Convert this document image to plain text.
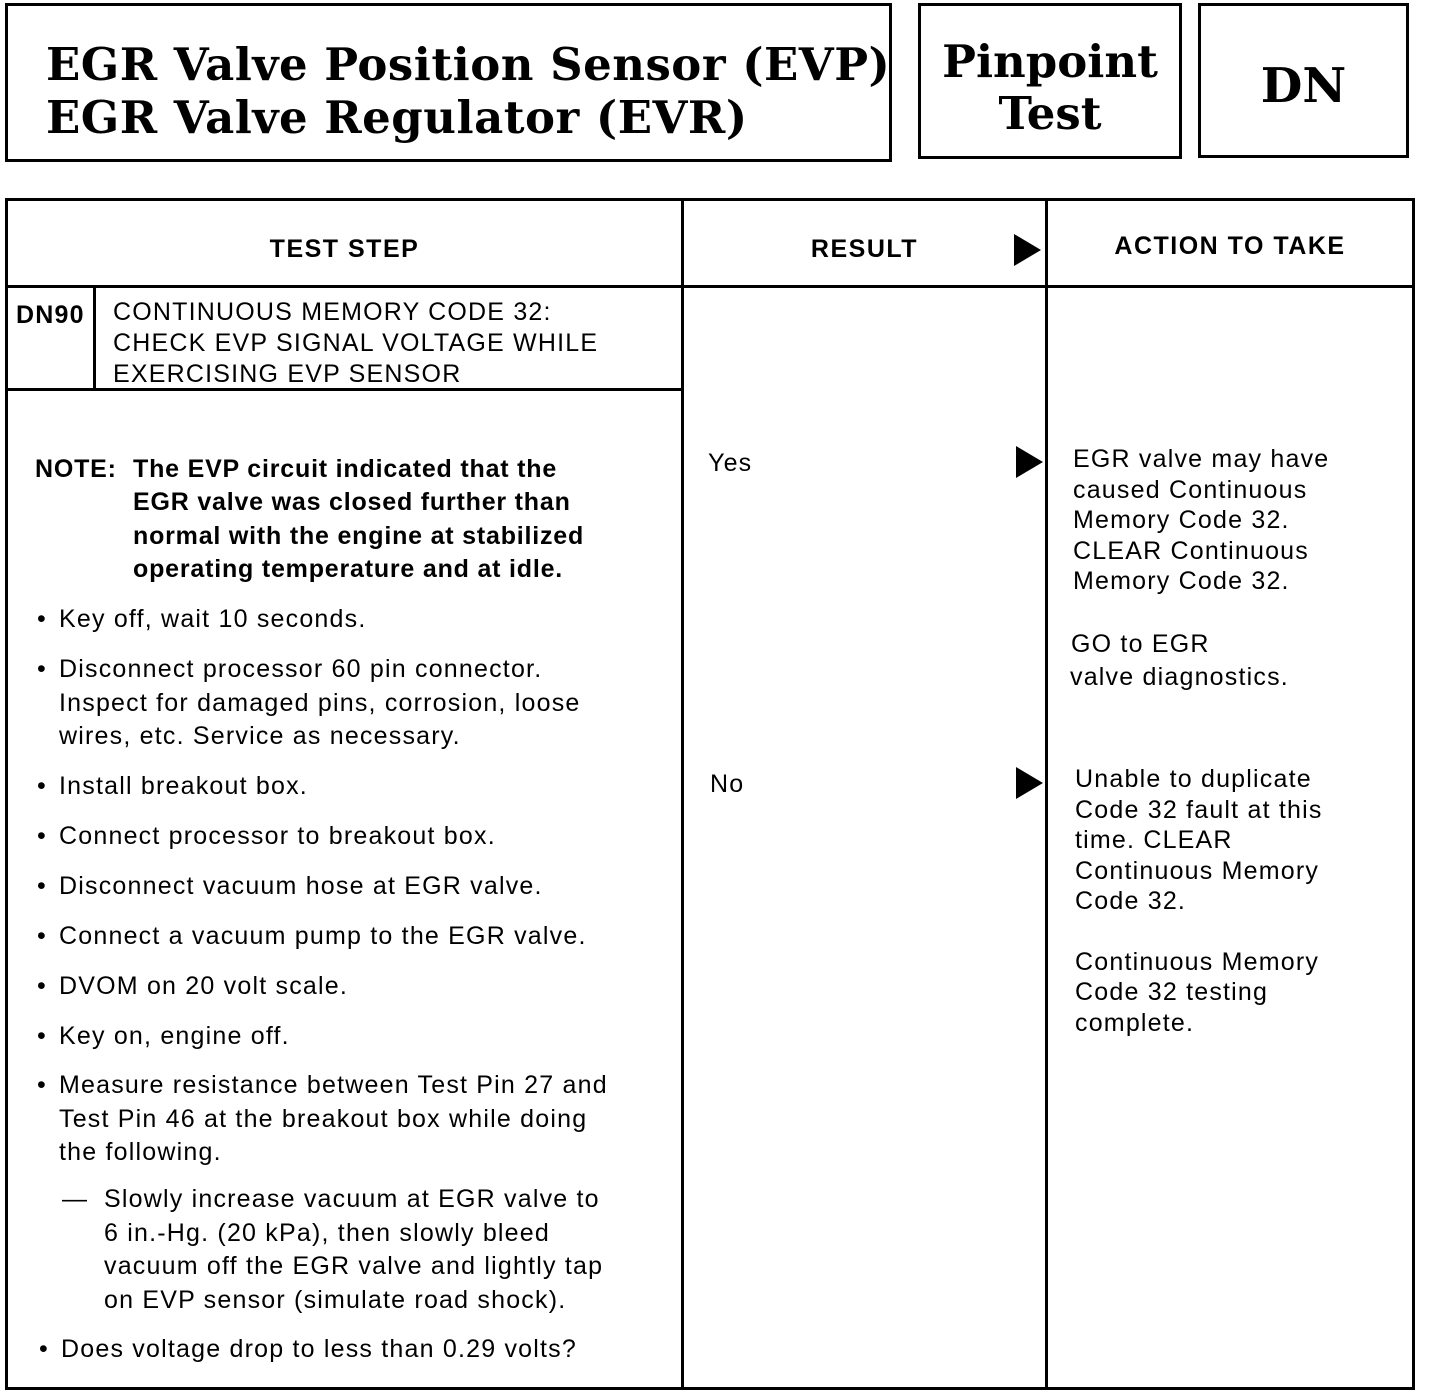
EGR Valve Position Sensor (EVP)
EGR Valve Regulator (EVR)
Pinpoint
Test	DN
TEST STEP	RESULT	ACTION TO TAKE
DN90 CONTINUOUS MEMORY CODE 32:
CHECK EVP SIGNAL VOLTAGE WHILE
EXERCISING EVP SENSOR
NOTE: The EVP circuit indicated that the
EGR valve was closed further than
normal with the engine at stabilized
operating temperature and at idle.
• Key off, wait 10 seconds.
• Disconnect processor 60 pin connector.
Inspect for damaged pins, corrosion, loose
wires, etc. Service as necessary.
• Install breakout box.
• Connect processor to breakout box.
• Disconnect vacuum hose at EGR valve.
• Connect a vacuum pump to the EGR valve.
• DVOM on 20 volt scale.
• Key on, engine off.
• Measure resistance between Test Pin 27 and
Test Pin 46 at the breakout box while doing
the following.
— Slowly increase vacuum at EGR valve to
6 in.-Hg. (20 kPa), then slowly bleed
vacuum off the EGR valve and lightly tap
on EVP sensor (simulate road shock).
• Does voltage drop to less than 0.29 volts?
Yes	EGR valve may have
caused Continuous
Memory Code 32.
CLEAR Continuous
Memory Code 32.
GO to EGR
valve diagnostics.
No	Unable to duplicate
Code 32 fault at this
time. CLEAR
Continuous Memory
Code 32.
Continuous Memory
Code 32 testing
complete.
